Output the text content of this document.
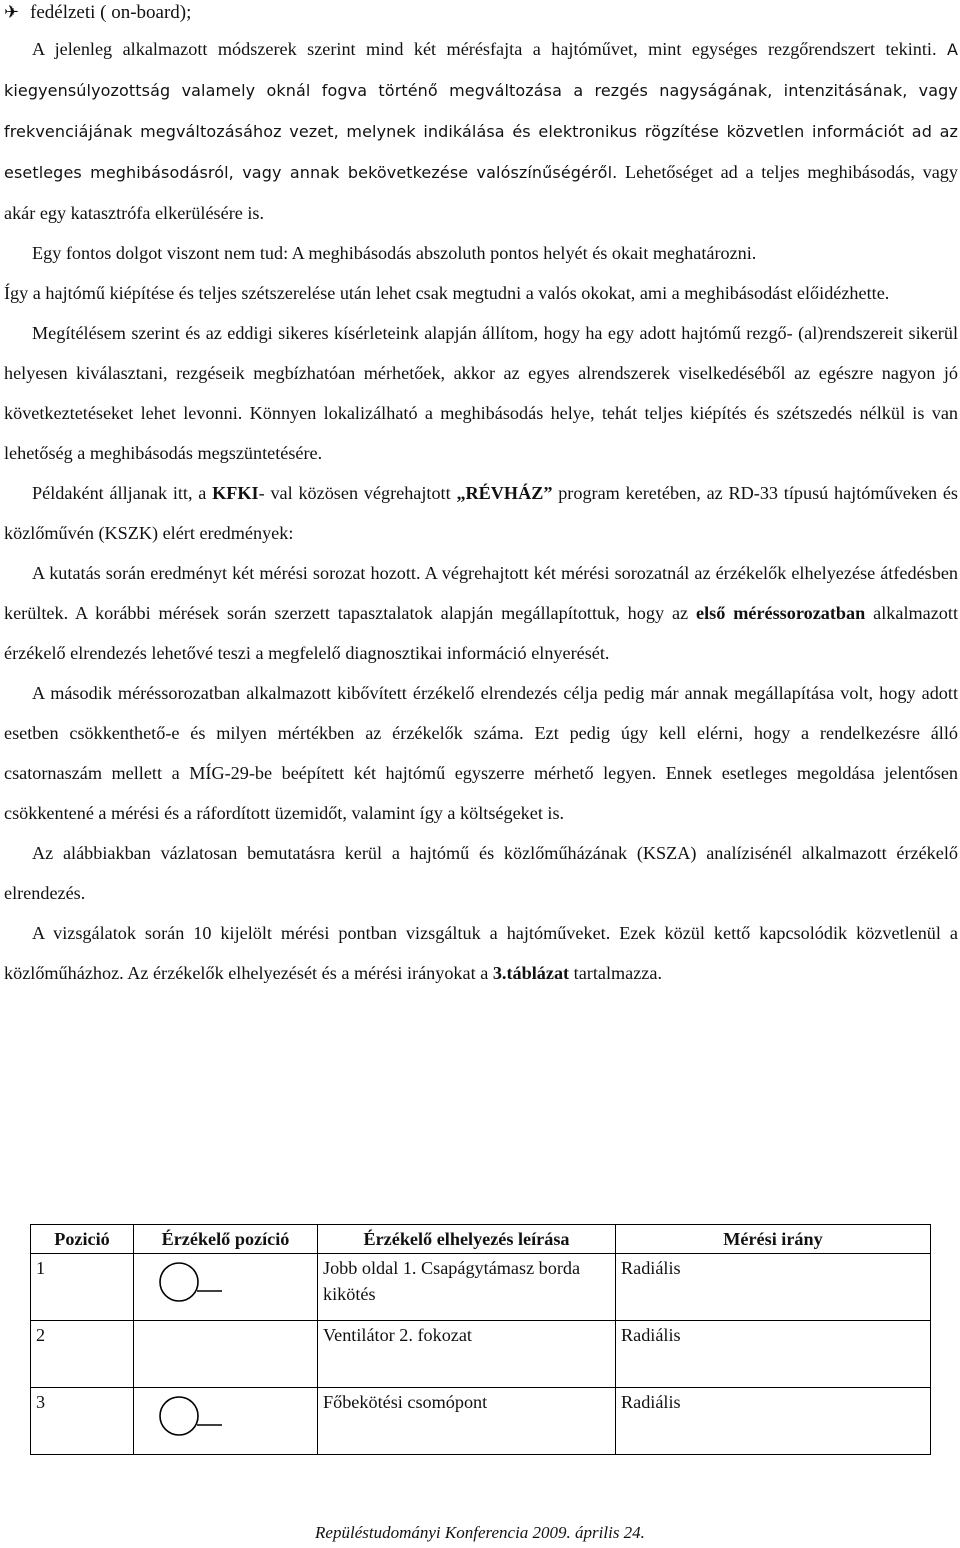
✈ fedélzeti ( on-board);

A jelenleg alkalmazott módszerek szerint mind két mérésfajta a hajtóművet, mint egységes rezgőrendszert tekinti. A kiegyensúlyozottság valamely oknál fogva történő megváltozása a rezgés nagyságának, intenzitásának, vagy frekvenciájának megváltozásához vezet, melynek indikálása és elektronikus rögzítése közvetlen információt ad az esetleges meghibásodásról, vagy annak bekövetkezése valószínűségéről. Lehetőséget ad a teljes meghibásodás, vagy akár egy katasztrófa elkerülésére is.

Egy fontos dolgot viszont nem tud: A meghibásodás abszoluth pontos helyét és okait meghatározni.

Így a hajtómű kiépítése és teljes szétszerelése után lehet csak megtudni a valós okokat, ami a meghibásodást előidézhette.

Megítélésem szerint és az eddigi sikeres kísérleteink alapján állítom, hogy ha egy adott hajtómű rezgő- (al)rendszereit sikerül helyesen kiválasztani, rezgéseik megbízhatóan mérhetőek, akkor az egyes alrendszerek viselkedéséből az egészre nagyon jó következtetéseket lehet levonni. Könnyen lokalizálható a meghibásodás helye, tehát teljes kiépítés és szétszedés nélkül is van lehetőség a meghibásodás megszüntetésére.

Példaként álljanak itt, a KFKI- val közösen végrehajtott „RÉVHÁZ” program keretében, az RD-33 típusú hajtóműveken és közlőművén (KSZK) elért eredmények:

A kutatás során eredményt két mérési sorozat hozott. A végrehajtott két mérési sorozatnál az érzékelők elhelyezése átfedésben kerültek. A korábbi mérések során szerzett tapasztalatok alapján megállapítottuk, hogy az első méréssorozatban alkalmazott érzékelő elrendezés lehetővé teszi a megfelelő diagnosztikai információ elnyerését.

A második méréssorozatban alkalmazott kibővített érzékelő elrendezés célja pedig már annak megállapítása volt, hogy adott esetben csökkenthető-e és milyen mértékben az érzékelők száma. Ezt pedig úgy kell elérni, hogy a rendelkezésre álló csatornaszám mellett a MÍG-29-be beépített két hajtómű egyszerre mérhető legyen. Ennek esetleges megoldása jelentősen csökkentené a mérési és a ráfordított üzemidőt, valamint így a költségeket is.

Az alábbiakban vázlatosan bemutatásra kerül a hajtómű és közlőműházának (KSZA) analízisénél alkalmazott érzékelő elrendezés.

A vizsgálatok során 10 kijelölt mérési pontban vizsgáltuk a hajtóműveket. Ezek közül kettő kapcsolódik közvetlenül a közlőműházhoz. Az érzékelők elhelyezését és a mérési irányokat a 3.táblázat tartalmazza.

Pozició	Érzékelő pozíció	Érzékelő elhelyezés leírása	Mérési irány
1		Jobb oldal 1. Csapágytámasz borda kikötés	Radiális
2		Ventilátor 2. fokozat	Radiális
3		Főbekötési csomópont	Radiális
Repüléstudományi Konferencia 2009. április 24.
